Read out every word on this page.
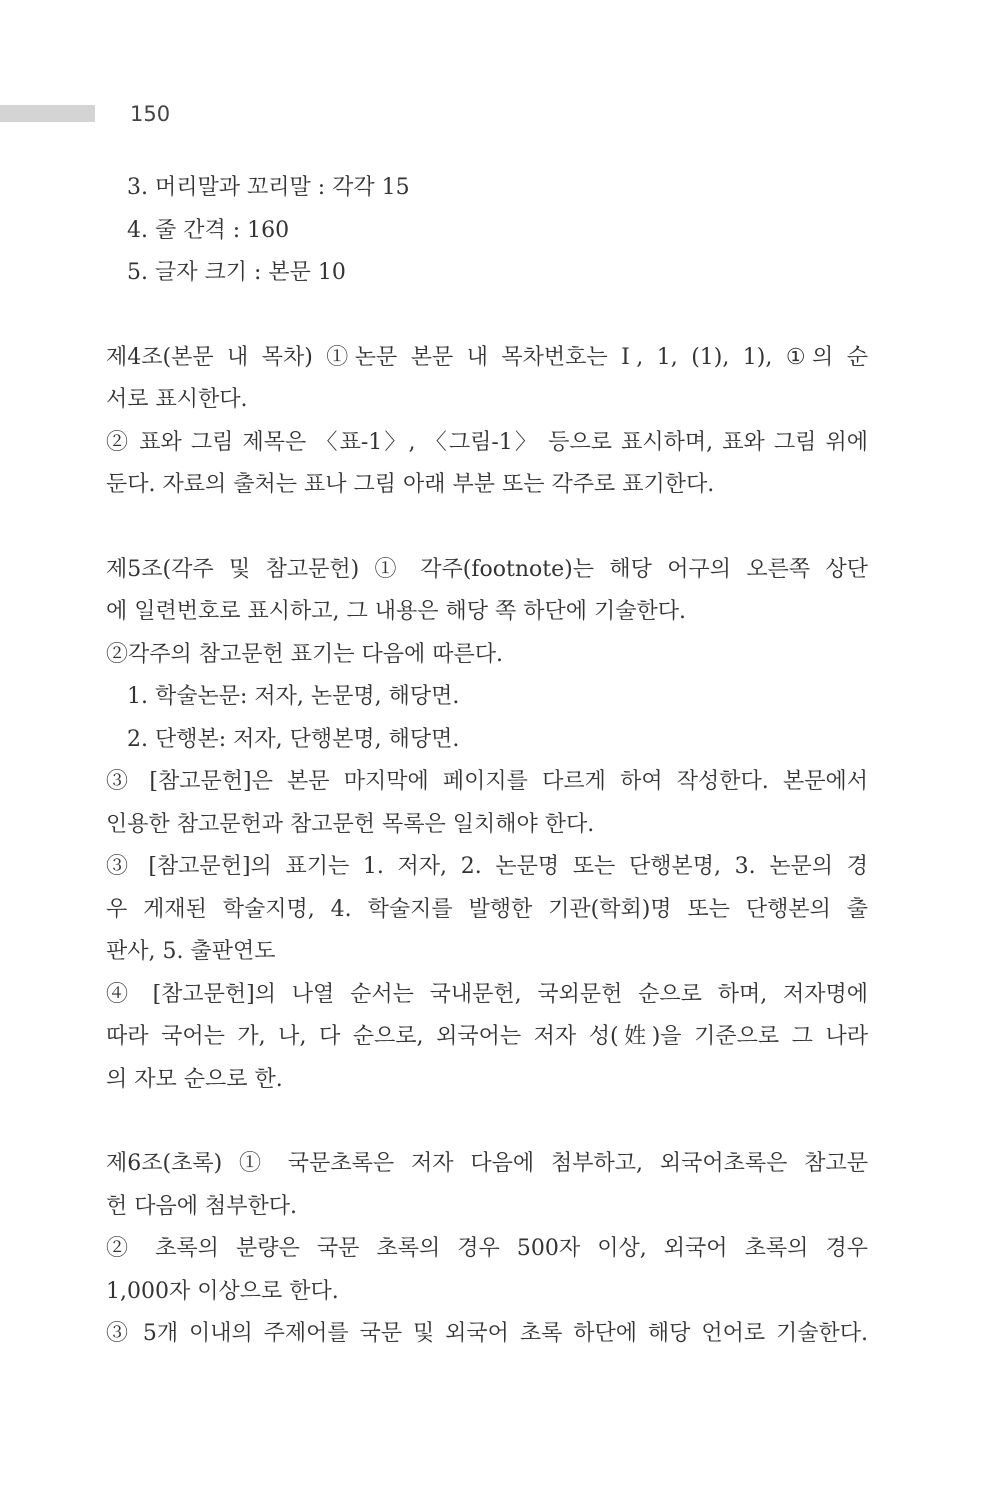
150
3. 머리말과 꼬리말 : 각각 15
4. 줄 간격 : 160
5. 글자 크기 : 본문 10
제4조(본문 내 목차) ①논문 본문 내 목차번호는 Ⅰ, 1, (1), 1), ①의 순
서로 표시한다.
② 표와 그림 제목은 〈표-1〉, 〈그림-1〉 등으로 표시하며, 표와 그림 위에
둔다. 자료의 출처는 표나 그림 아래 부분 또는 각주로 표기한다.
제5조(각주 및 참고문헌) ① 각주(footnote)는 해당 어구의 오른쪽 상단
에 일련번호로 표시하고, 그 내용은 해당 쪽 하단에 기술한다.
②각주의 참고문헌 표기는 다음에 따른다.
1. 학술논문: 저자, 논문명, 해당면.
2. 단행본: 저자, 단행본명, 해당면.
③ [참고문헌]은 본문 마지막에 페이지를 다르게 하여 작성한다. 본문에서
인용한 참고문헌과 참고문헌 목록은 일치해야 한다.
③ [참고문헌]의 표기는 1. 저자, 2. 논문명 또는 단행본명, 3. 논문의 경
우 게재된 학술지명, 4. 학술지를 발행한 기관(학회)명 또는 단행본의 출
판사, 5. 출판연도
④ [참고문헌]의 나열 순서는 국내문헌, 국외문헌 순으로 하며, 저자명에
따라 국어는 가, 나, 다 순으로, 외국어는 저자 성(姓)을 기준으로 그 나라
의 자모 순으로 한.
제6조(초록) ① 국문초록은 저자 다음에 첨부하고, 외국어초록은 참고문
헌 다음에 첨부한다.
② 초록의 분량은 국문 초록의 경우 500자 이상, 외국어 초록의 경우
1,000자 이상으로 한다.
③ 5개 이내의 주제어를 국문 및 외국어 초록 하단에 해당 언어로 기술한다.
